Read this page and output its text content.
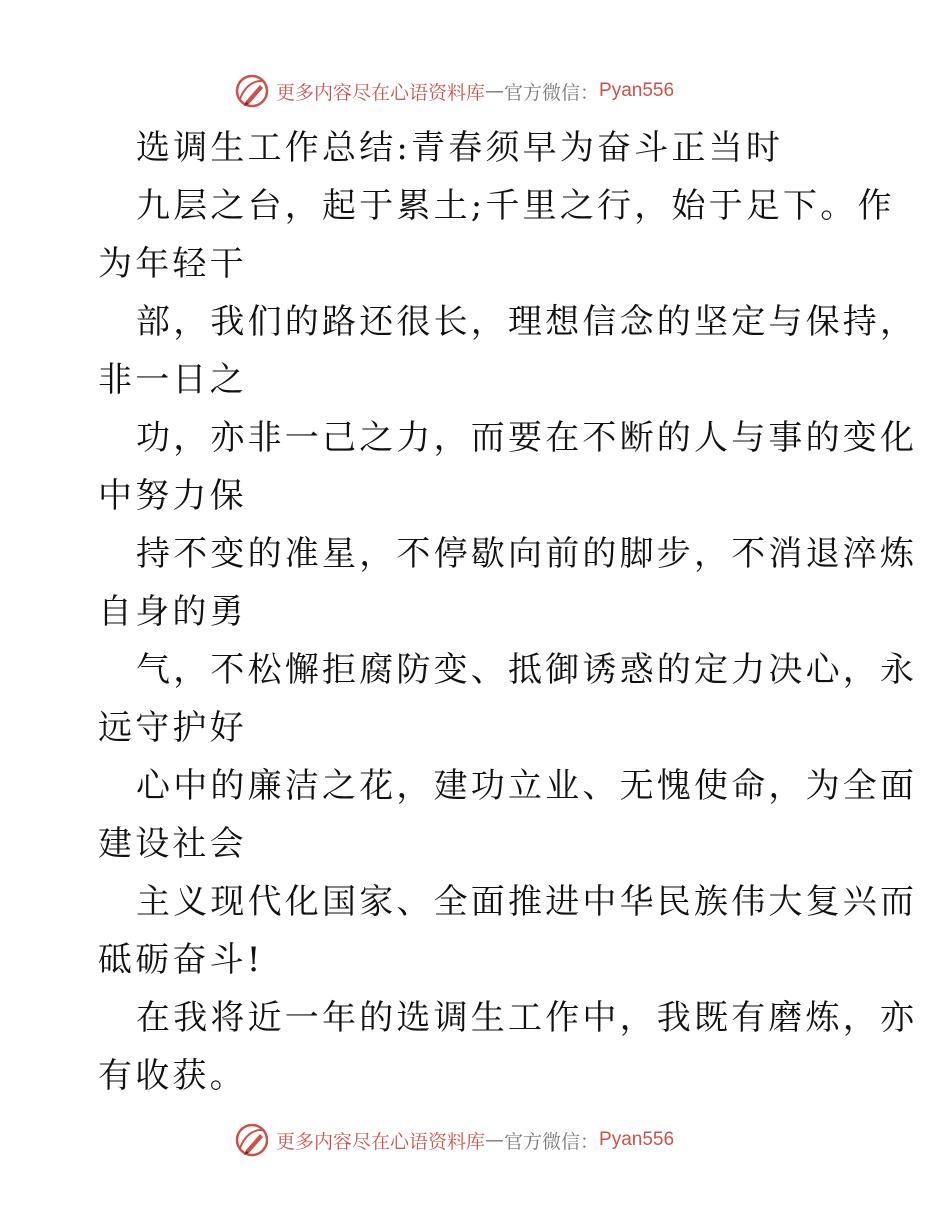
更多内容尽在心语资料库 — 官方微信： Pyan556
选调生工作总结:青春须早为奋斗正当时
九层之台，起于累土;千里之行，始于足下。作
为年轻干
部，我们的路还很长，理想信念的坚定与保持，
非一日之
功，亦非一己之力，而要在不断的人与事的变化
中努力保
持不变的准星，不停歇向前的脚步，不消退淬炼
自身的勇
气，不松懈拒腐防变、抵御诱惑的定力决心，永
远守护好
心中的廉洁之花，建功立业、无愧使命，为全面
建设社会
主义现代化国家、全面推进中华民族伟大复兴而
砥砺奋斗!
在我将近一年的选调生工作中，我既有磨炼，亦
有收获。
更多内容尽在心语资料库 — 官方微信： Pyan556
